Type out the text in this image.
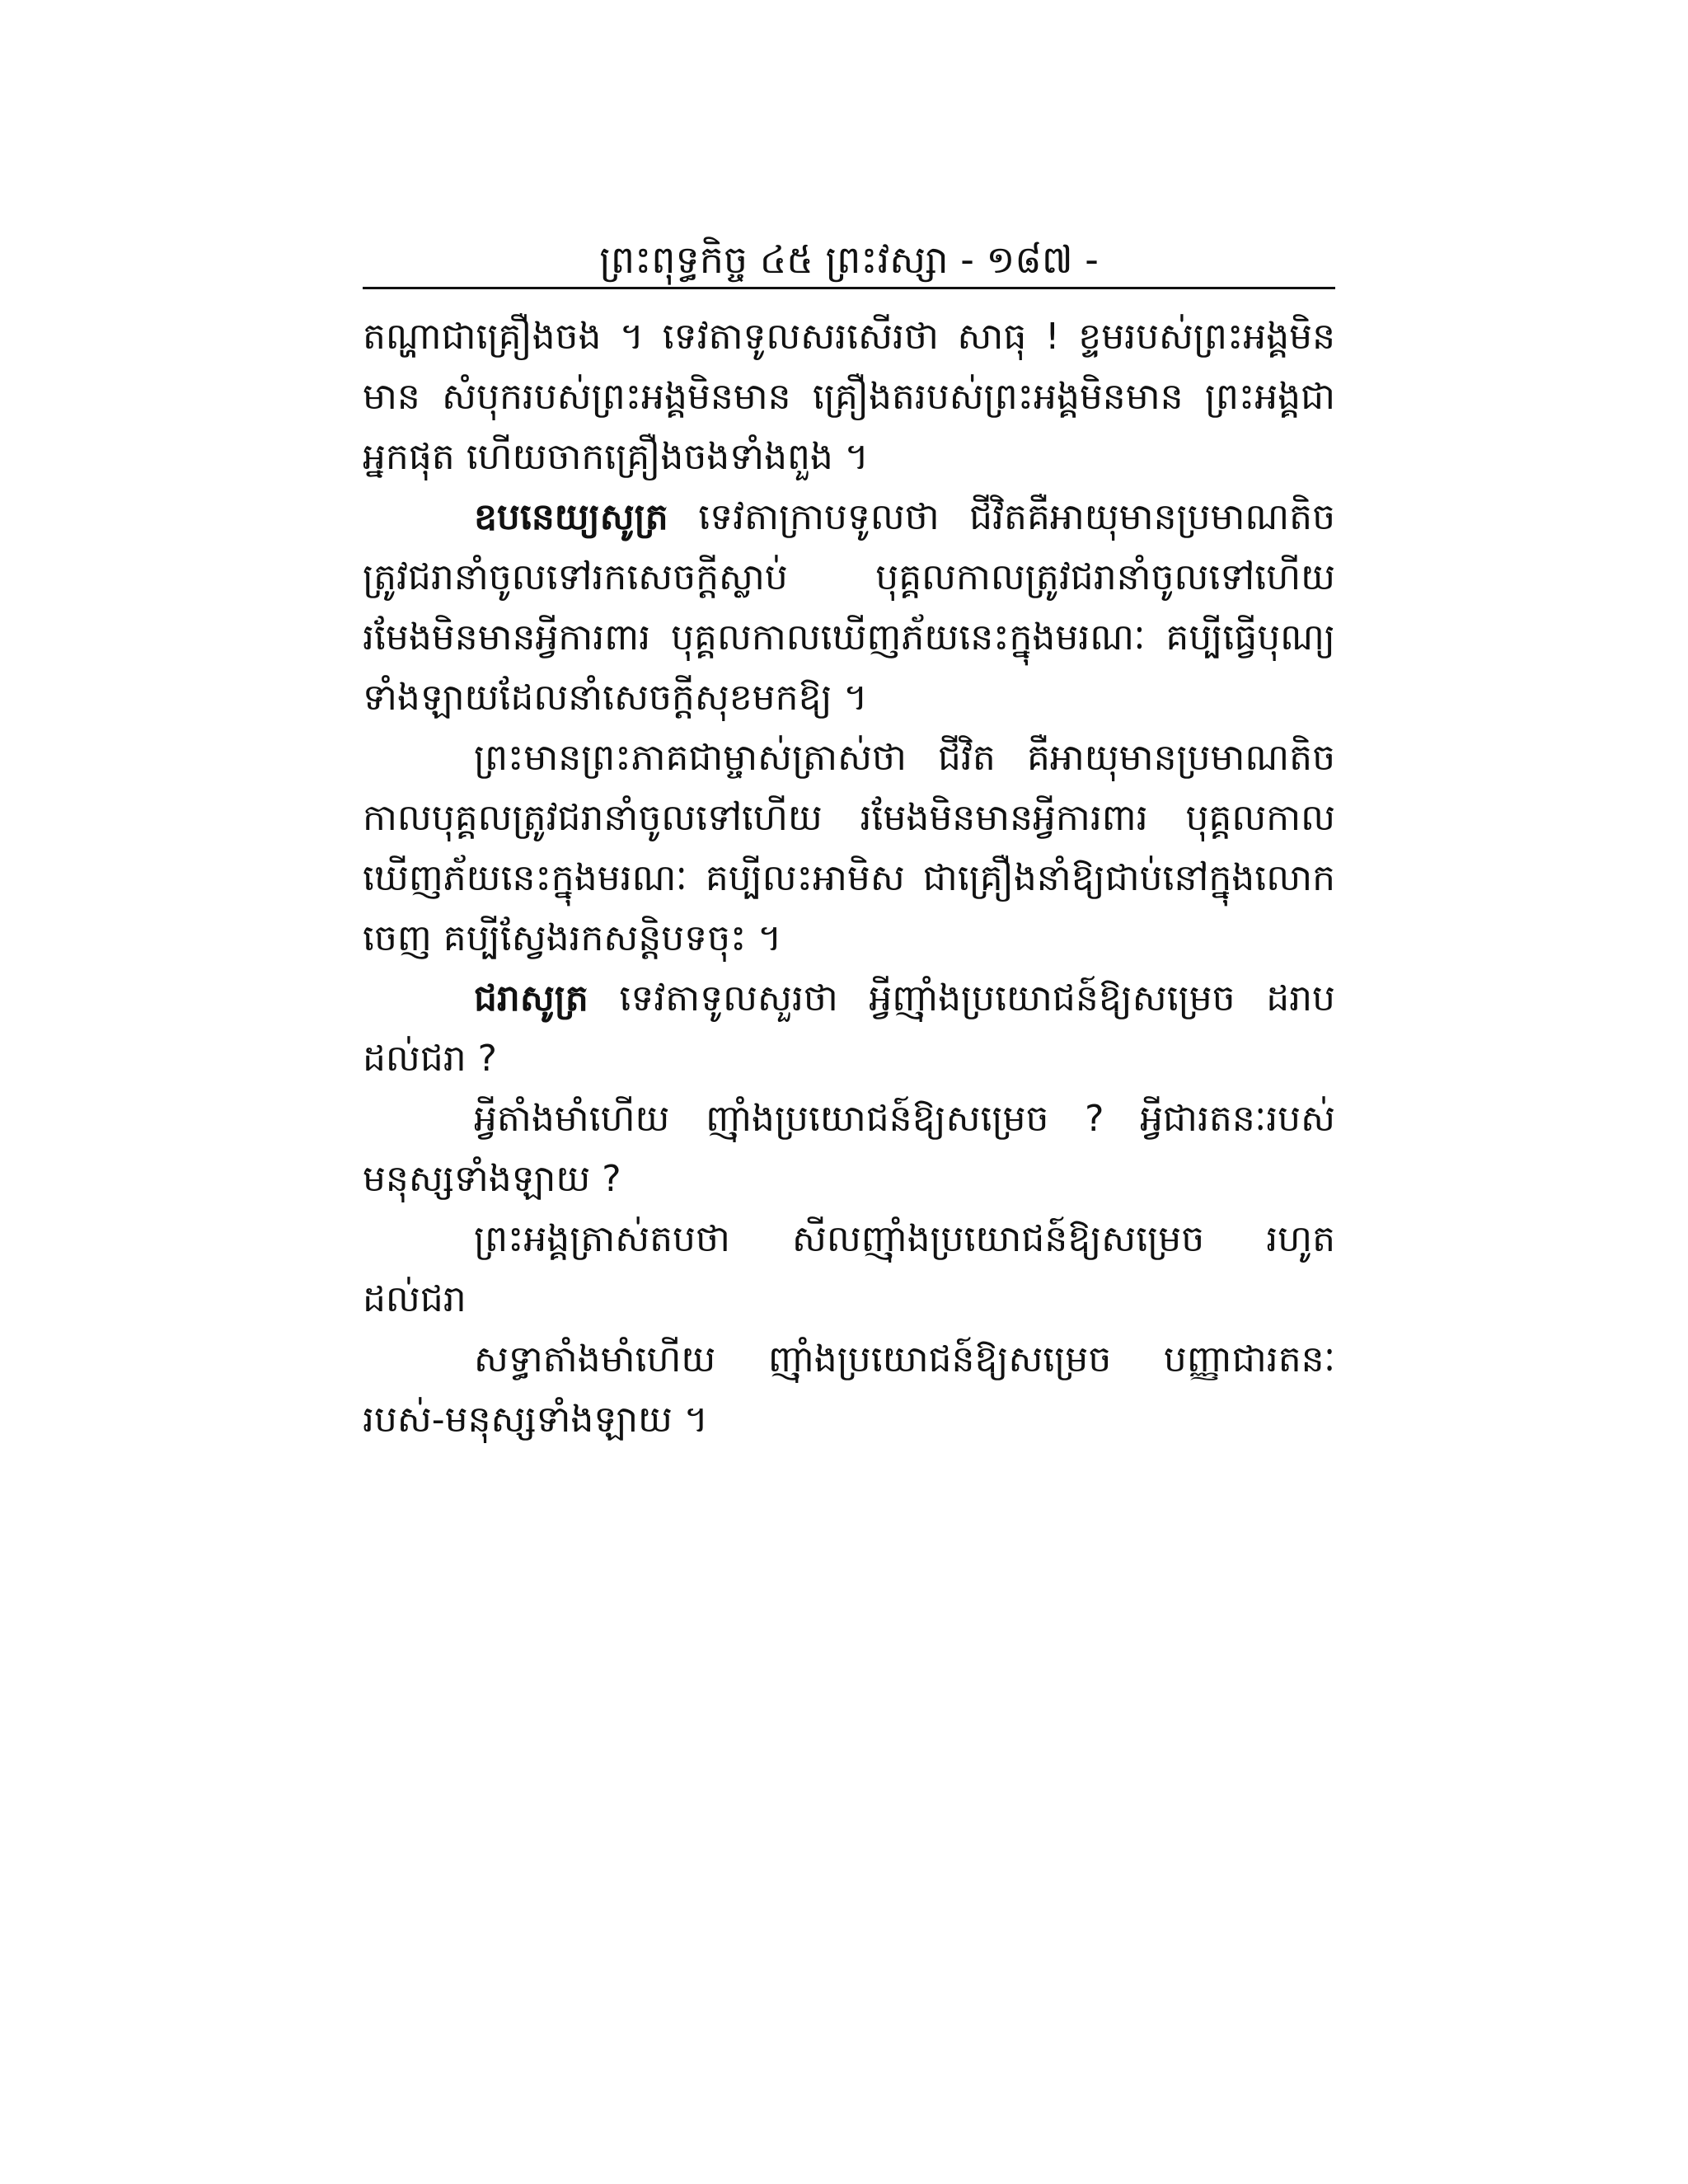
ព្រះពុទ្ធកិច្ច ៤៥ ព្រះវស្សា - ១៨៧ -

តណ្ហាជាគ្រឿងចង ។ ទេវតាទូលសរសើរថា សាធុ ! ខ្ទមរបស់ព្រះអង្គមិនមាន សំបុករបស់ព្រះអង្គមិនមាន គ្រឿងតរបស់ព្រះអង្គមិនមាន ព្រះអង្គជាអ្នកផុត ហើយចាកគ្រឿងចងទាំងពួង ។

ឧបនេយ្យសូត្រ ទេវតាក្រាបទូលថា ជីវិតគឺអាយុមានប្រមាណតិច ត្រូវជរានាំចូលទៅរកសេចក្ដីស្លាប់ បុគ្គលកាលត្រូវជរានាំចូលទៅហើយ រមែងមិនមានអ្វីការពារ បុគ្គលកាលឃើញភ័យនេះក្នុងមរណៈ គប្បីធ្វើបុណ្យទាំងឡាយដែលនាំសេចក្ដីសុខមកឱ្យ ។

ព្រះមានព្រះភាគជាម្ចាស់ត្រាស់ថា ជីវិត គឺអាយុមានប្រមាណតិច កាលបុគ្គលត្រូវជរានាំចូលទៅហើយ រមែងមិនមានអ្វីការពារ បុគ្គលកាលឃើញភ័យនេះក្នុងមរណៈ គប្បីលះអាមិស ជាគ្រឿងនាំឱ្យជាប់នៅក្នុងលោកចេញ គប្បីស្វែងរកសន្តិបទចុះ ។

ជរាសូត្រ ទេវតាទូលសួរថា អ្វីញ៉ាំងប្រយោជន៍ឱ្យសម្រេច ដរាបដល់ជរា ?

អ្វីតាំងមាំហើយ ញ៉ាំងប្រយោជន៍ឱ្យសម្រេច ? អ្វីជារតនៈរបស់មនុស្សទាំងឡាយ ?

ព្រះអង្គត្រាស់តបថា សីលញ៉ាំងប្រយោជន៍ឱ្យសម្រេច រហូតដល់ជរា

សទ្ធាតាំងមាំហើយ ញ៉ាំងប្រយោជន៍ឱ្យសម្រេច បញ្ញាជារតនៈរបស់-មនុស្សទាំងឡាយ ។
